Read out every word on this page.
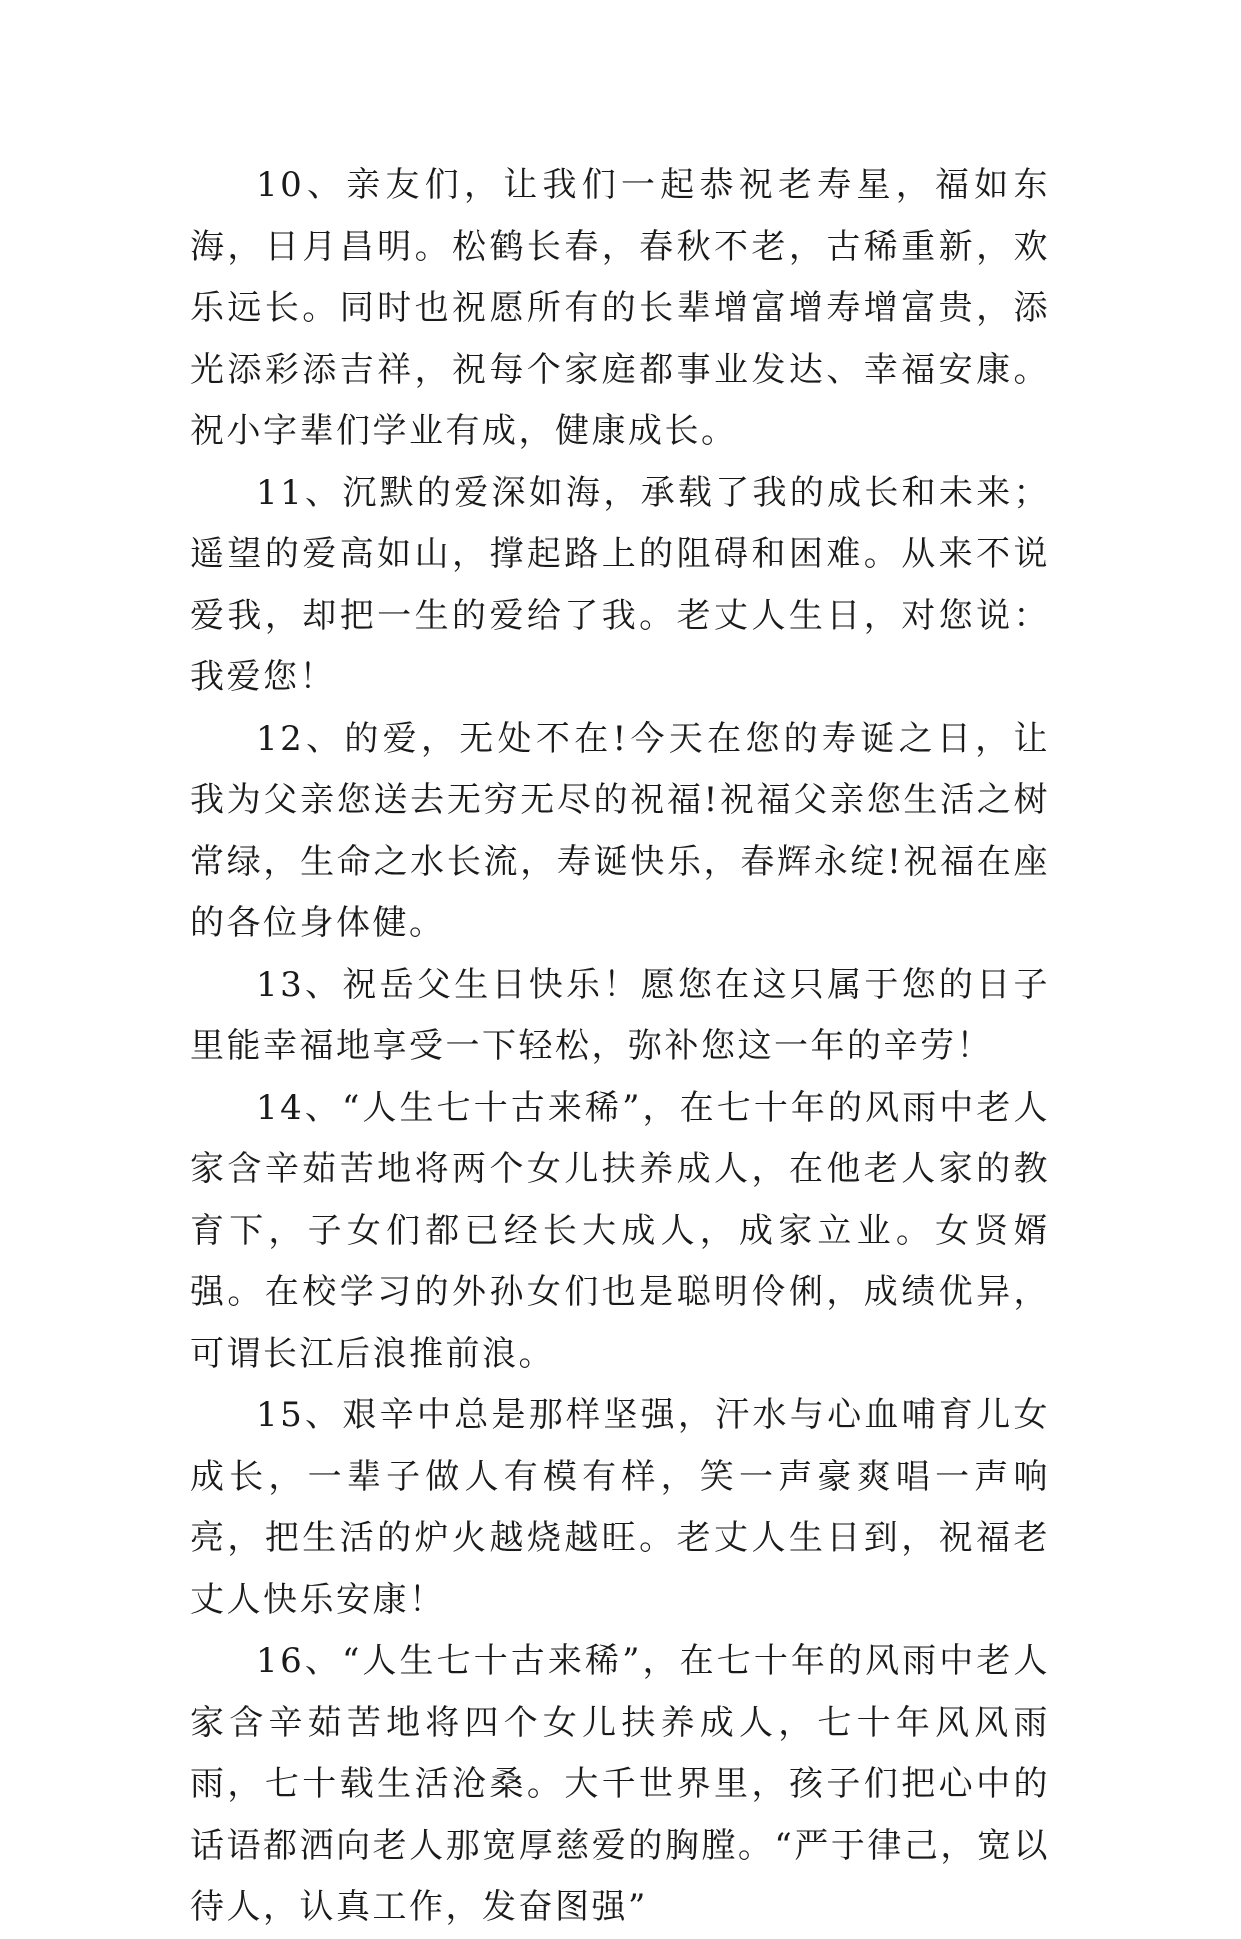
10、亲友们，让我们一起恭祝老寿星，福如东海，日月昌明。松鹤长春，春秋不老，古稀重新，欢乐远长。同时也祝愿所有的长辈增富增寿增富贵，添光添彩添吉祥，祝每个家庭都事业发达、幸福安康。祝小字辈们学业有成，健康成长。

11、沉默的爱深如海，承载了我的成长和未来；遥望的爱高如山，撑起路上的阻碍和困难。从来不说爱我，却把一生的爱给了我。老丈人生日，对您说：我爱您！

12、的爱，无处不在!今天在您的寿诞之日，让我为父亲您送去无穷无尽的祝福!祝福父亲您生活之树常绿，生命之水长流，寿诞快乐，春辉永绽!祝福在座的各位身体健。

13、祝岳父生日快乐！愿您在这只属于您的日子里能幸福地享受一下轻松，弥补您这一年的辛劳！

14、“人生七十古来稀”，在七十年的风雨中老人家含辛茹苦地将两个女儿扶养成人，在他老人家的教育下，子女们都已经长大成人，成家立业。女贤婿强。在校学习的外孙女们也是聪明伶俐，成绩优异，可谓长江后浪推前浪。

15、艰辛中总是那样坚强，汗水与心血哺育儿女成长，一辈子做人有模有样，笑一声豪爽唱一声响亮，把生活的炉火越烧越旺。老丈人生日到，祝福老丈人快乐安康！

16、“人生七十古来稀”，在七十年的风雨中老人家含辛茹苦地将四个女儿扶养成人，七十年风风雨雨，七十载生活沧桑。大千世界里，孩子们把心中的话语都洒向老人那宽厚慈爱的胸膛。“严于律己，宽以待人，认真工作，发奋图强”
